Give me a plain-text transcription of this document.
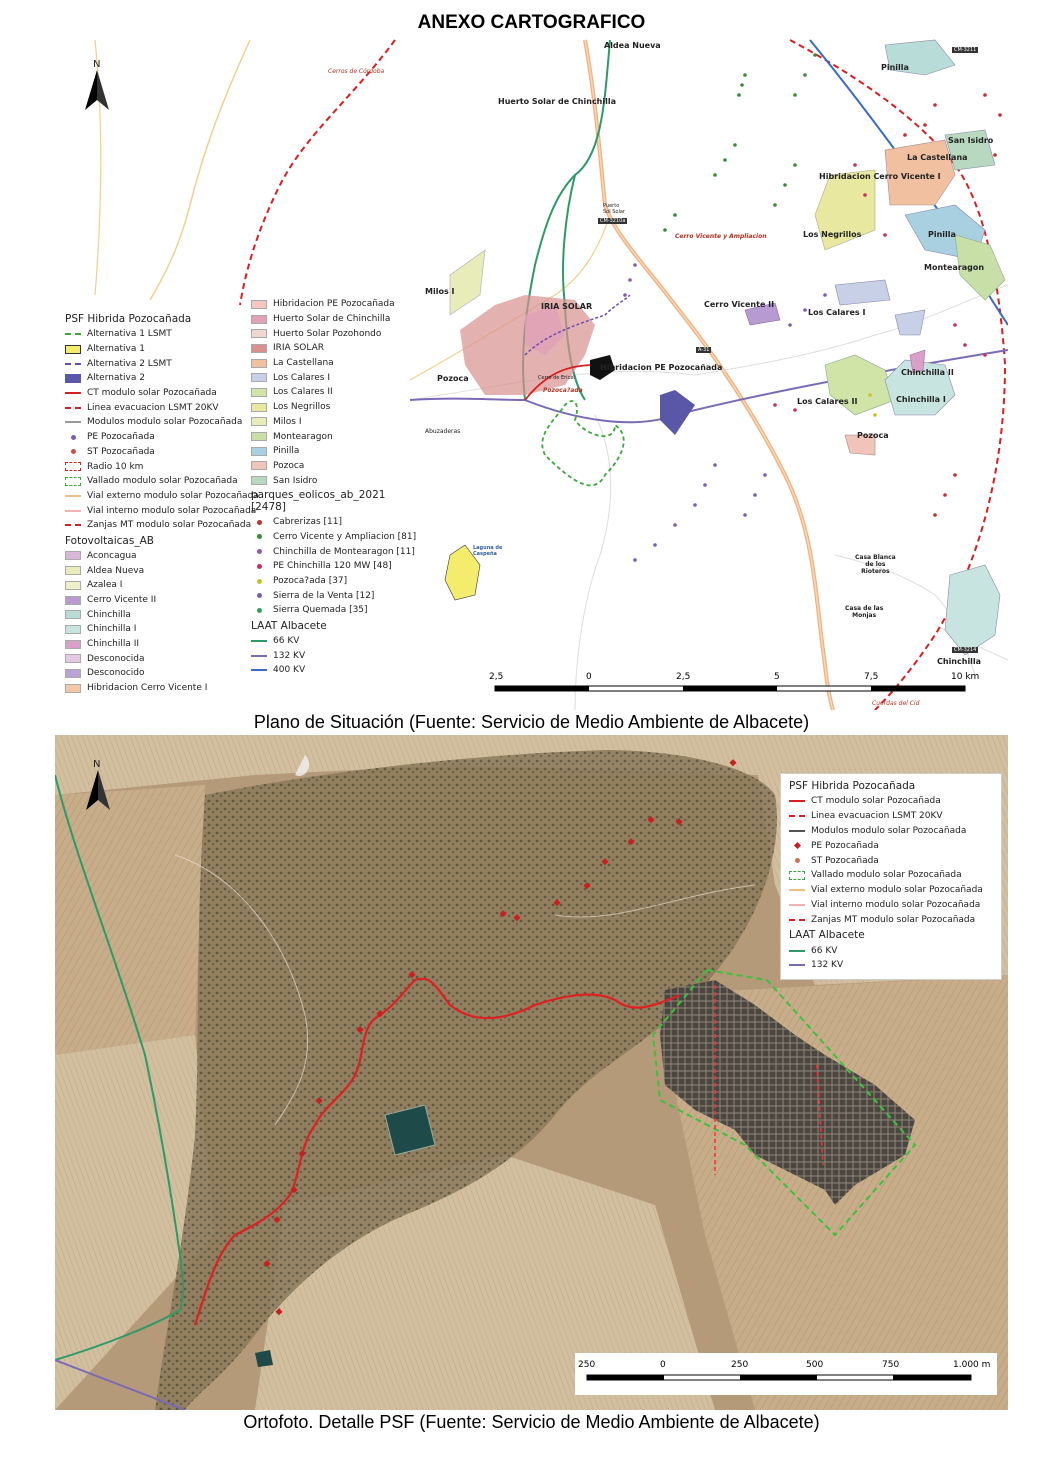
ANEXO CARTOGRAFICO
N
Aldea Nueva
Pinilla
Huerto Solar de Chinchilla
San Isidro
La Castellana
Hibridacion Cerro Vicente I
Cerro Vicente y Ampliacion	Los Negrillos	Pinilla
Montearagon
Milos I
IRIA SOLAR	Cerro Vicente II
Los Calares I
Hibridacion PE Pozocañada
Pozoca?ada
Pozoca
Chinchilla II
Chinchilla I
Los Calares II
Pozoca
Abuzaderas
Laguna de
Caspeña	Casa Blanca
de los
Rioteros
Casa de las
Monjas
Chinchilla
Cerros de Córdoba
Cuerdas del Cid
CM-3210a
CM-3211
CM-3214
A-31
Puerto
Sol Solar
Cerro de Ericel
2,5	0	2,5	5	7,5	10 km
PSF Hibrida Pozocañada
Alternativa 1 LSMT
Alternativa 1
Alternativa 2 LSMT
Alternativa 2
CT modulo solar Pozocañada
Linea evacuacion LSMT 20KV
Modulos modulo solar Pozocañada
PE Pozocañada
ST Pozocañada
Radio 10 km
Vallado modulo solar Pozocañada
Vial externo modulo solar Pozocañada
Vial interno modulo solar Pozocañada
Zanjas MT modulo solar Pozocañada
Fotovoltaicas_AB
Aconcagua
Aldea Nueva
Azalea I
Cerro Vicente II
Chinchilla
Chinchilla I
Chinchilla II
Desconocida
Desconocido
Hibridacion Cerro Vicente I
Hibridacion PE Pozocañada
Huerto Solar de Chinchilla
Huerto Solar Pozohondo
IRIA SOLAR
La Castellana
Los Calares I
Los Calares II
Los Negrillos
Milos I
Montearagon
Pinilla
Pozoca
San Isidro
parques_eolicos_ab_2021 [2478]
Cabrerizas [11]
Cerro Vicente y Ampliacion [81]
Chinchilla de Montearagon [11]
PE Chinchilla 120 MW [48]
Pozoca?ada [37]
Sierra de la Venta [12]
Sierra Quemada [35]
LAAT Albacete
66 KV
132 KV
400 KV
Plano de Situación (Fuente: Servicio de Medio Ambiente de Albacete)
N
PSF Hibrida Pozocañada
CT modulo solar Pozocañada
Linea evacuacion LSMT 20KV
Modulos modulo solar Pozocañada
PE Pozocañada
ST Pozocañada
Vallado modulo solar Pozocañada
Vial externo modulo solar Pozocañada
Vial interno modulo solar Pozocañada
Zanjas MT modulo solar Pozocañada
LAAT Albacete
66 KV
132 KV
250	0	250	500	750	1.000 m
Ortofoto. Detalle PSF (Fuente: Servicio de Medio Ambiente de Albacete)
